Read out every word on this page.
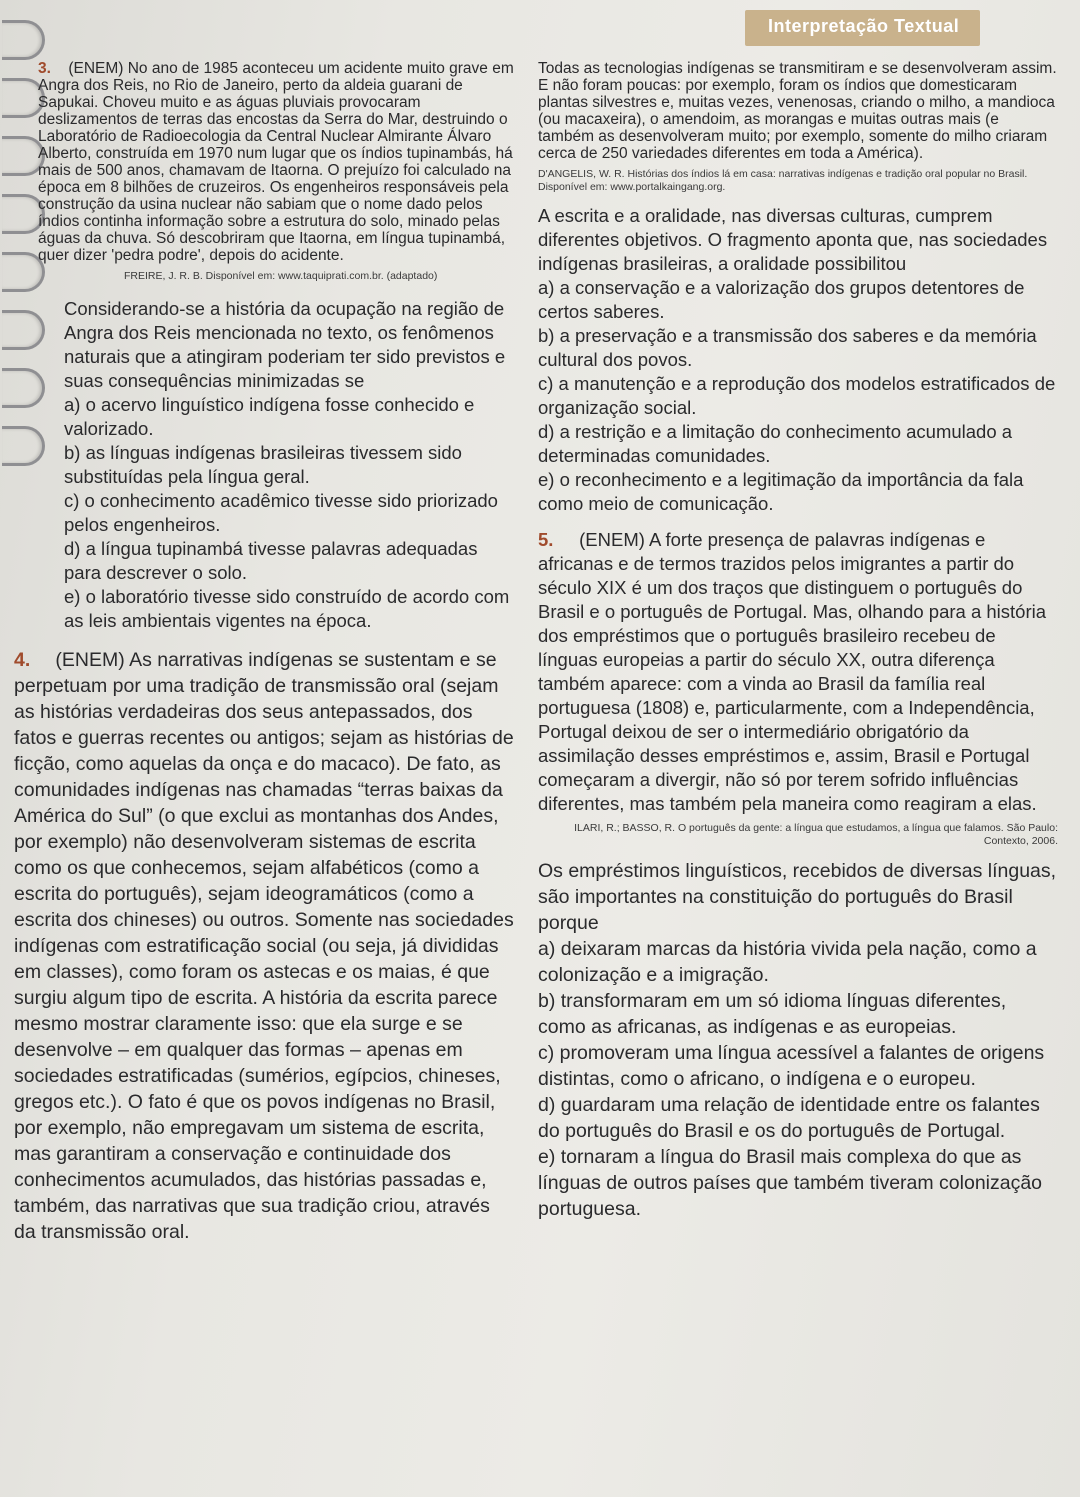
Interpretação Textual
3. (ENEM) No ano de 1985 aconteceu um acidente muito grave em Angra dos Reis, no Rio de Janeiro, perto da aldeia guarani de Sapukai. Choveu muito e as águas pluviais provocaram deslizamentos de terras das encostas da Serra do Mar, destruindo o Laboratório de Radioecologia da Central Nuclear Almirante Álvaro Alberto, construída em 1970 num lugar que os índios tupinambás, há mais de 500 anos, chamavam de Itaorna. O prejuízo foi calculado na época em 8 bilhões de cruzeiros. Os engenheiros responsáveis pela construção da usina nuclear não sabiam que o nome dado pelos índios continha informação sobre a estrutura do solo, minado pelas águas da chuva. Só descobriram que Itaorna, em língua tupinambá, quer dizer 'pedra podre', depois do acidente.

FREIRE, J. R. B. Disponível em: www.taquiprati.com.br. (adaptado)

Considerando-se a história da ocupação na região de Angra dos Reis mencionada no texto, os fenômenos naturais que a atingiram poderiam ter sido previstos e suas consequências minimizadas se

a) o acervo linguístico indígena fosse conhecido e valorizado.

b) as línguas indígenas brasileiras tivessem sido substituídas pela língua geral.

c) o conhecimento acadêmico tivesse sido priorizado pelos engenheiros.

d) a língua tupinambá tivesse palavras adequadas para descrever o solo.

e) o laboratório tivesse sido construído de acordo com as leis ambientais vigentes na época.

4. (ENEM) As narrativas indígenas se sustentam e se perpetuam por uma tradição de transmissão oral (sejam as histórias verdadeiras dos seus antepassados, dos fatos e guerras recentes ou antigos; sejam as histórias de ficção, como aquelas da onça e do macaco). De fato, as comunidades indígenas nas chamadas “terras baixas da América do Sul” (o que exclui as montanhas dos Andes, por exemplo) não desenvolveram sistemas de escrita como os que conhecemos, sejam alfabéticos (como a escrita do português), sejam ideogramáticos (como a escrita dos chineses) ou outros. Somente nas sociedades indígenas com estratificação social (ou seja, já divididas em classes), como foram os astecas e os maias, é que surgiu algum tipo de escrita. A história da escrita parece mesmo mostrar claramente isso: que ela surge e se desenvolve – em qualquer das formas – apenas em sociedades estratificadas (sumérios, egípcios, chineses, gregos etc.). O fato é que os povos indígenas no Brasil, por exemplo, não empregavam um sistema de escrita, mas garantiram a conservação e continuidade dos conhecimentos acumulados, das histórias passadas e, também, das narrativas que sua tradição criou, através da transmissão oral.

Todas as tecnologias indígenas se transmitiram e se desenvolveram assim. E não foram poucas: por exemplo, foram os índios que domesticaram plantas silvestres e, muitas vezes, venenosas, criando o milho, a mandioca (ou macaxeira), o amendoim, as morangas e muitas outras mais (e também as desenvolveram muito; por exemplo, somente do milho criaram cerca de 250 variedades diferentes em toda a América).

D'ANGELIS, W. R. Histórias dos índios lá em casa: narrativas indígenas e tradição oral popular no Brasil. Disponível em: www.portalkaingang.org.

A escrita e a oralidade, nas diversas culturas, cumprem diferentes objetivos. O fragmento aponta que, nas sociedades indígenas brasileiras, a oralidade possibilitou

a) a conservação e a valorização dos grupos detentores de certos saberes.

b) a preservação e a transmissão dos saberes e da memória cultural dos povos.

c) a manutenção e a reprodução dos modelos estratificados de organização social.

d) a restrição e a limitação do conhecimento acumulado a determinadas comunidades.

e) o reconhecimento e a legitimação da importância da fala como meio de comunicação.

5. (ENEM) A forte presença de palavras indígenas e africanas e de termos trazidos pelos imigrantes a partir do século XIX é um dos traços que distinguem o português do Brasil e o português de Portugal. Mas, olhando para a história dos empréstimos que o português brasileiro recebeu de línguas europeias a partir do século XX, outra diferença também aparece: com a vinda ao Brasil da família real portuguesa (1808) e, particularmente, com a Independência, Portugal deixou de ser o intermediário obrigatório da assimilação desses empréstimos e, assim, Brasil e Portugal começaram a divergir, não só por terem sofrido influências diferentes, mas também pela maneira como reagiram a elas.

ILARI, R.; BASSO, R. O português da gente: a língua que estudamos, a língua que falamos. São Paulo: Contexto, 2006.

Os empréstimos linguísticos, recebidos de diversas línguas, são importantes na constituição do português do Brasil porque

a) deixaram marcas da história vivida pela nação, como a colonização e a imigração.

b) transformaram em um só idioma línguas diferentes, como as africanas, as indígenas e as europeias.

c) promoveram uma língua acessível a falantes de origens distintas, como o africano, o indígena e o europeu.

d) guardaram uma relação de identidade entre os falantes do português do Brasil e os do português de Portugal.

e) tornaram a língua do Brasil mais complexa do que as línguas de outros países que também tiveram colonização portuguesa.
